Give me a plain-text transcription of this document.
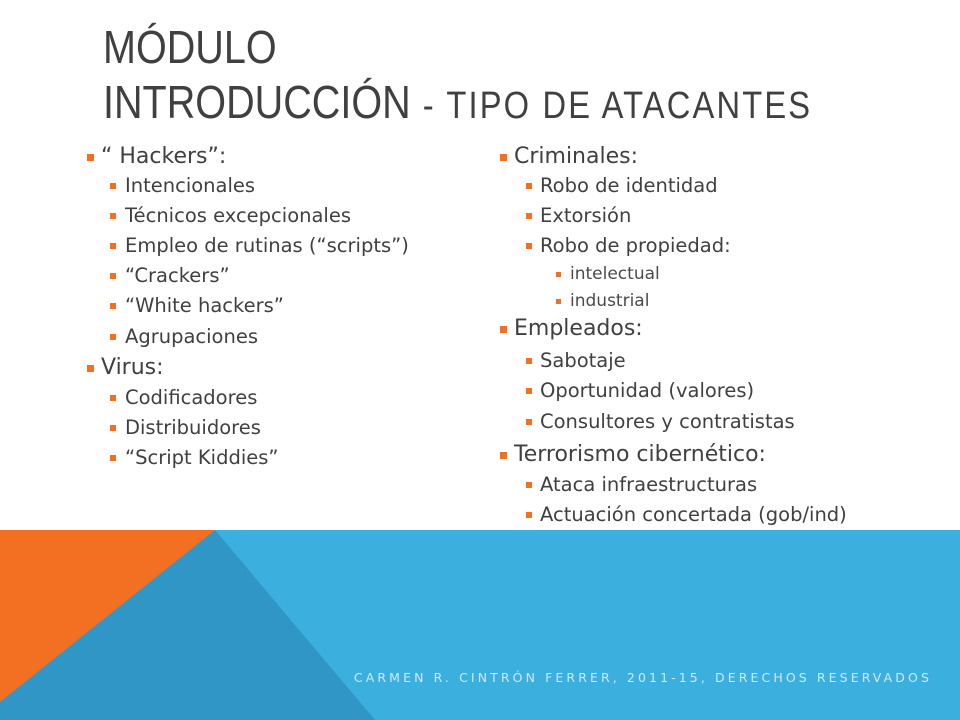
MÓDULO
INTRODUCCIÓN - TIPO DE ATACANTES
“ Hackers”:
Intencionales
Técnicos excepcionales
Empleo de rutinas (“scripts”)
“Crackers”
“White hackers”
Agrupaciones
Virus:
Codificadores
Distribuidores
“Script Kiddies”
Criminales:
Robo de identidad
Extorsión
Robo de propiedad:
intelectual
industrial
Empleados:
Sabotaje
Oportunidad (valores)
Consultores y contratistas
Terrorismo cibernético:
Ataca infraestructuras
Actuación concertada (gob/ind)
CARMEN R. CINTRÓN FERRER, 2011-15, DERECHOS RESERVADOS
